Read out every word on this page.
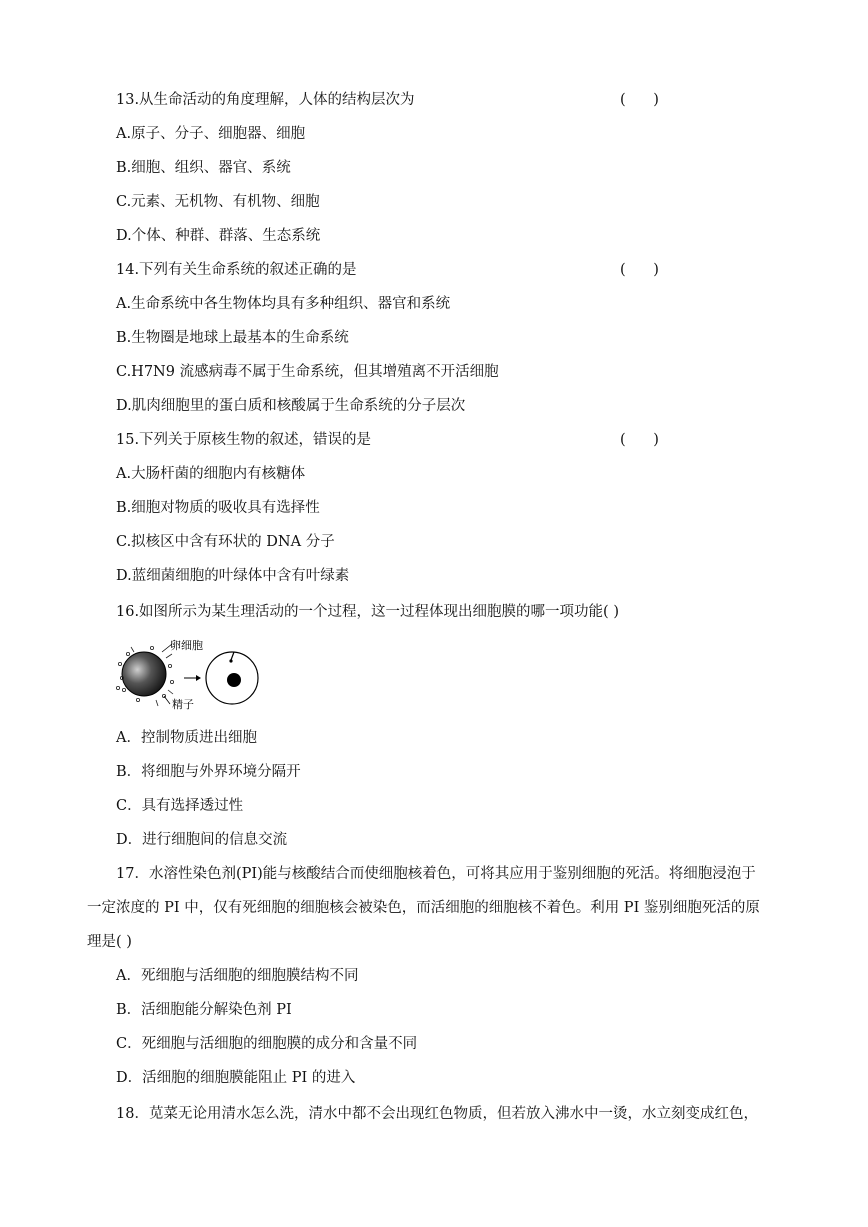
13.从生命活动的角度理解，人体的结构层次为	(      )
A.原子、分子、细胞器、细胞
B.细胞、组织、器官、系统
C.元素、无机物、有机物、细胞
D.个体、种群、群落、生态系统
14.下列有关生命系统的叙述正确的是	(      )
A.生命系统中各生物体均具有多种组织、器官和系统
B.生物圈是地球上最基本的生命系统
C.H7N9 流感病毒不属于生命系统，但其增殖离不开活细胞
D.肌肉细胞里的蛋白质和核酸属于生命系统的分子层次
15.下列关于原核生物的叙述，错误的是	(      )
A.大肠杆菌的细胞内有核糖体
B.细胞对物质的吸收具有选择性
C.拟核区中含有环状的 DNA 分子
D.蓝细菌细胞的叶绿体中含有叶绿素
16.如图所示为某生理活动的一个过程，这一过程体现出细胞膜的哪一项功能( )
卵细胞
精子
A．控制物质进出细胞
B．将细胞与外界环境分隔开
C．具有选择透过性
D．进行细胞间的信息交流
17．水溶性染色剂(PI)能与核酸结合而使细胞核着色，可将其应用于鉴别细胞的死活。将细胞浸泡于
一定浓度的 PI 中，仅有死细胞的细胞核会被染色，而活细胞的细胞核不着色。利用 PI 鉴别细胞死活的原
理是( )
A．死细胞与活细胞的细胞膜结构不同
B．活细胞能分解染色剂 PI
C．死细胞与活细胞的细胞膜的成分和含量不同
D．活细胞的细胞膜能阻止 PI 的进入
18．苋菜无论用清水怎么洗，清水中都不会出现红色物质，但若放入沸水中一烫，水立刻变成红色，
